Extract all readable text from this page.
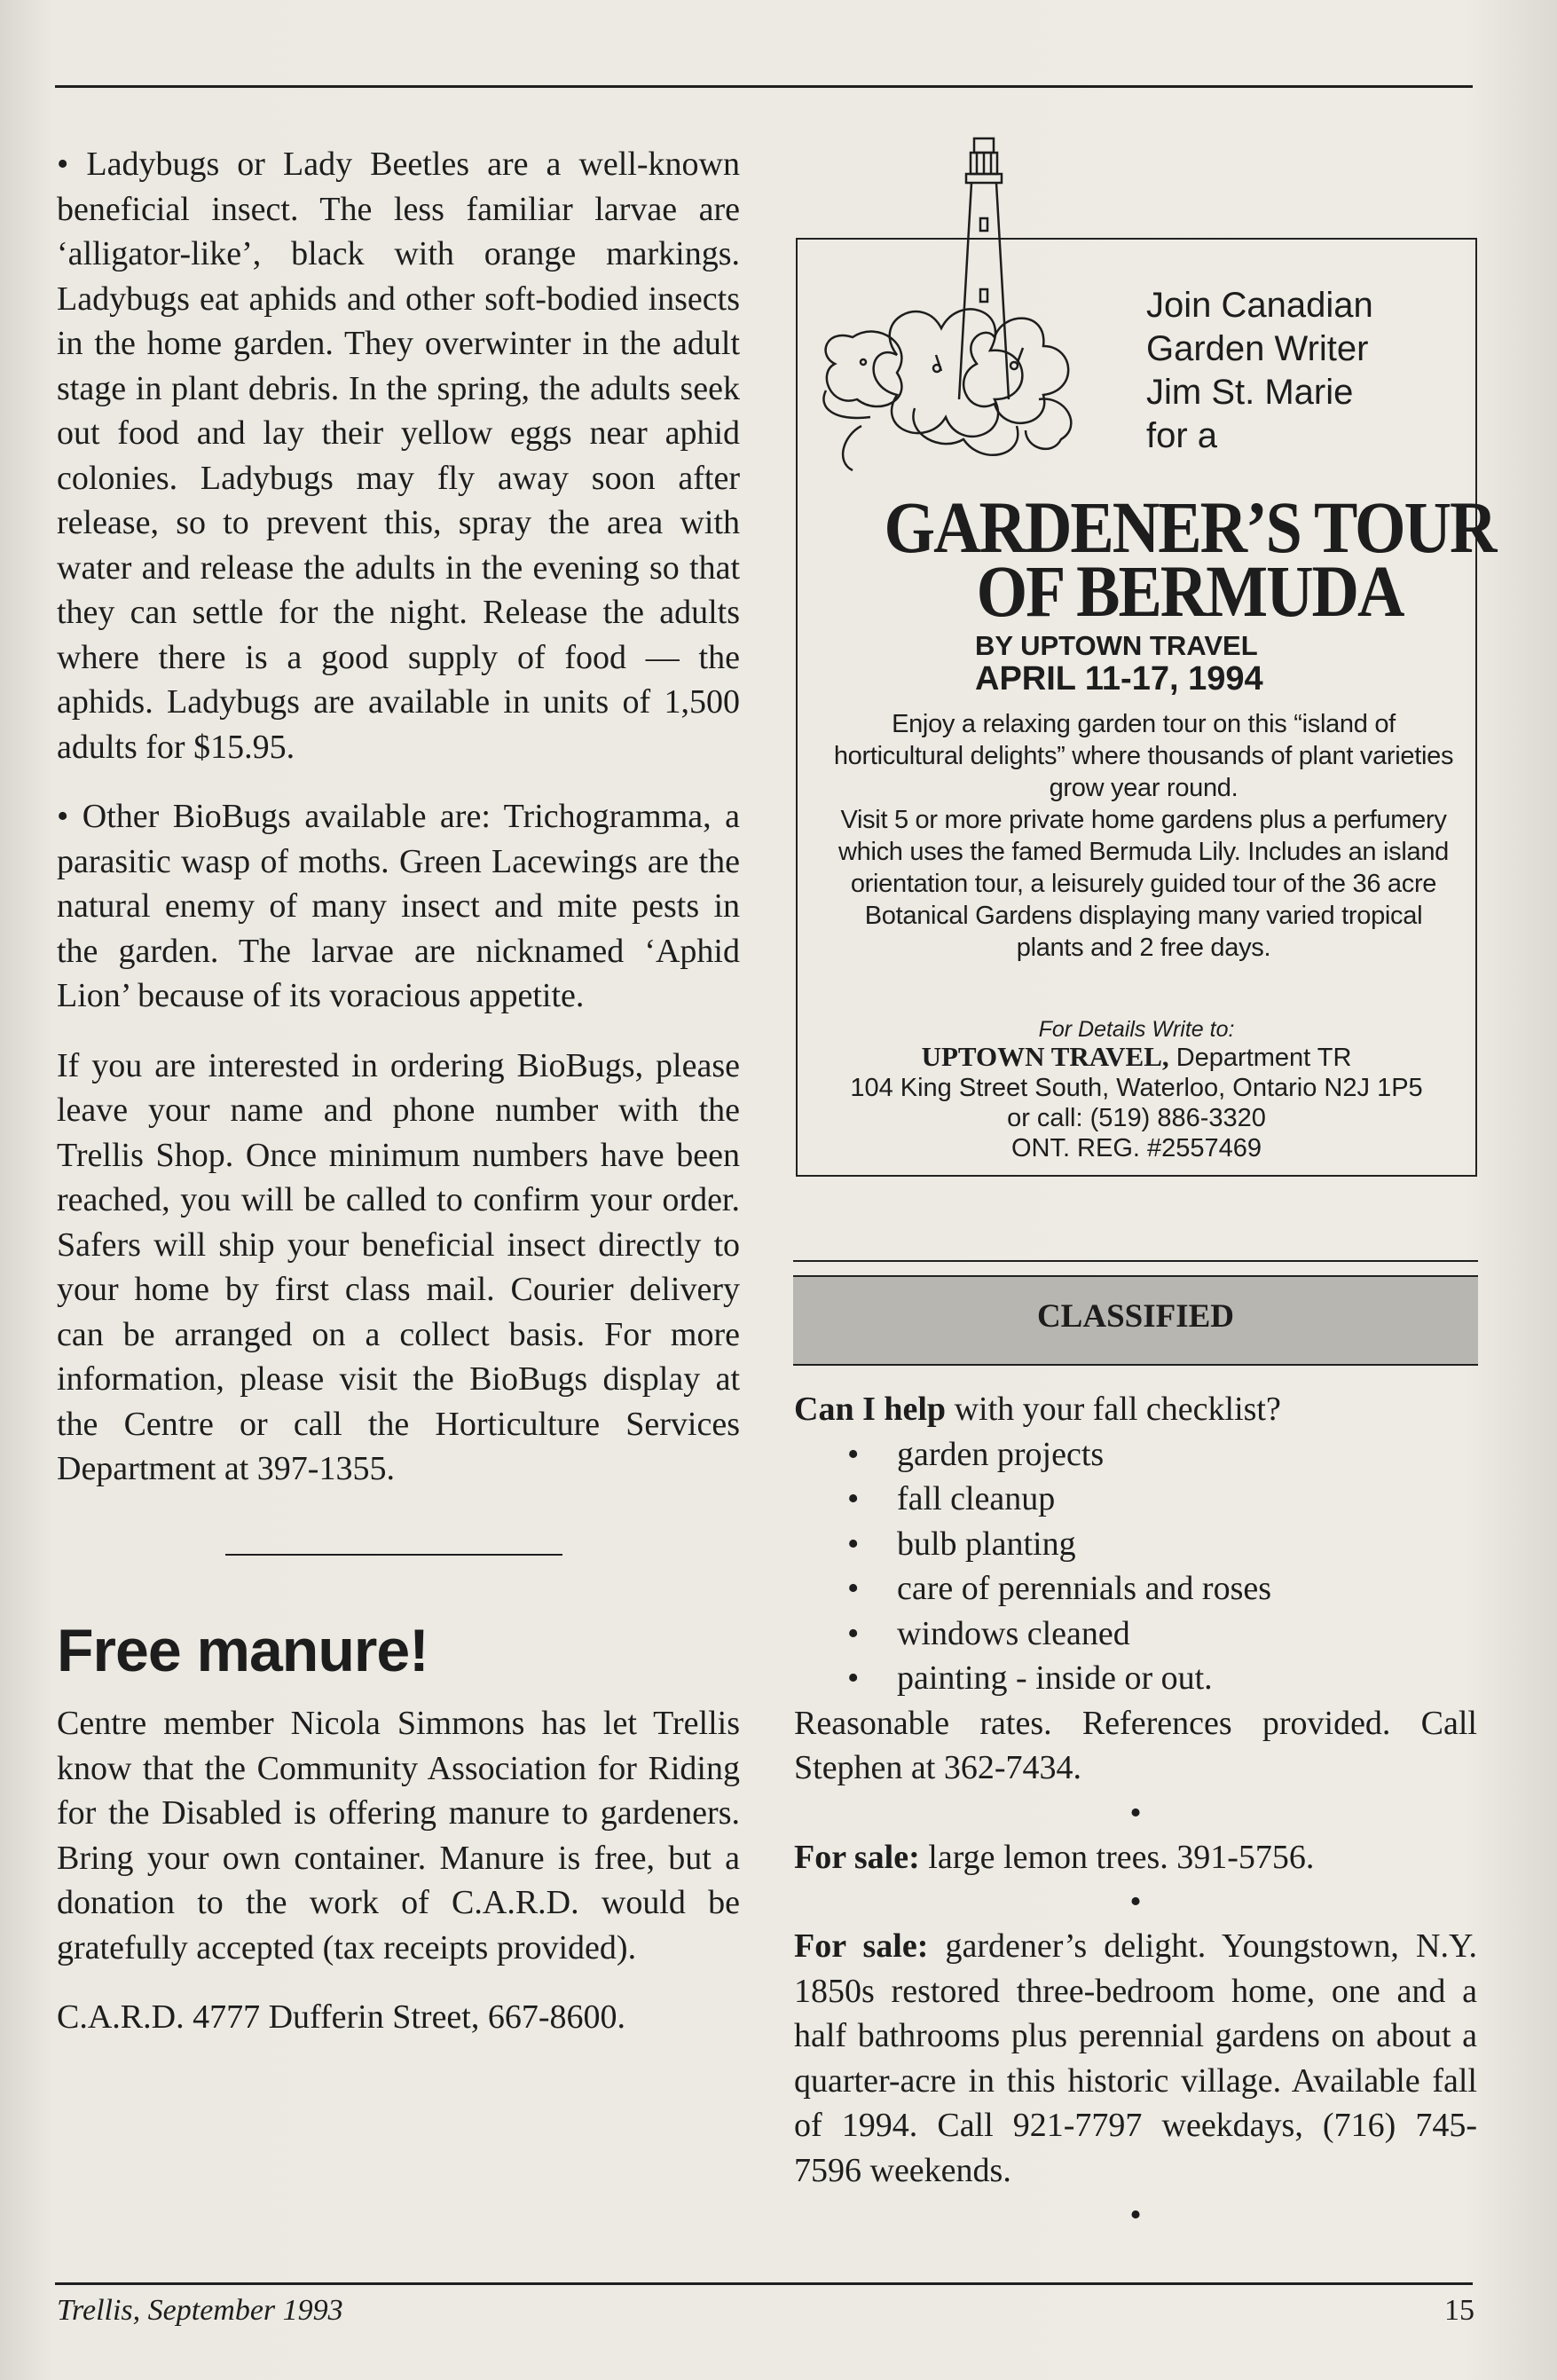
• Ladybugs or Lady Beetles are a well-known beneficial insect. The less familiar larvae are ‘alligator-like’, black with orange markings. Ladybugs eat aphids and other soft-bodied insects in the home garden. They overwinter in the adult stage in plant debris. In the spring, the adults seek out food and lay their yellow eggs near aphid colonies. Ladybugs may fly away soon after release, so to prevent this, spray the area with water and release the adults in the evening so that they can settle for the night. Release the adults where there is a good supply of food — the aphids. Ladybugs are available in units of 1,500 adults for $15.95.

• Other BioBugs available are: Trichogramma, a parasitic wasp of moths. Green Lacewings are the natural enemy of many insect and mite pests in the garden. The larvae are nicknamed ‘Aphid Lion’ because of its voracious appetite.

If you are interested in ordering BioBugs, please leave your name and phone number with the Trellis Shop. Once minimum numbers have been reached, you will be called to confirm your order. Safers will ship your beneficial insect directly to your home by first class mail. Courier delivery can be arranged on a collect basis. For more information, please visit the BioBugs display at the Centre or call the Horticulture Services Department at 397-1355.

Free manure!

Centre member Nicola Simmons has let Trellis know that the Community Association for Riding for the Disabled is offering manure to gardeners. Bring your own container. Manure is free, but a donation to the work of C.A.R.D. would be gratefully accepted (tax receipts provided).

C.A.R.D. 4777 Dufferin Street, 667-8600.

Join Canadian
Garden Writer
Jim St. Marie
for a
GARDENER’S TOUR
OF BERMUDA
BY UPTOWN TRAVEL
APRIL 11-17, 1994
Enjoy a relaxing garden tour on this “island of horticultural delights” where thousands of plant varieties grow year round.
Visit 5 or more private home gardens plus a perfumery which uses the famed Bermuda Lily. Includes an island orientation tour, a leisurely guided tour of the 36 acre Botanical Gardens displaying many varied tropical plants and 2 free days.
For Details Write to:
UPTOWN TRAVEL, Department TR
104 King Street South, Waterloo, Ontario N2J 1P5
or call: (519) 886-3320
ONT. REG. #2557469
CLASSIFIED
Can I help with your fall checklist?
• garden projects
• fall cleanup
• bulb planting
• care of perennials and roses
• windows cleaned
• painting - inside or out.
Reasonable rates. References provided. Call Stephen at 362-7434.
•
For sale: large lemon trees. 391-5756.
•
For sale: gardener’s delight. Youngstown, N.Y. 1850s restored three-bedroom home, one and a half bathrooms plus perennial gardens on about a quarter-acre in this historic village. Available fall of 1994. Call 921-7797 weekdays, (716) 745-7596 weekends.
•
Trellis, September 1993	15
